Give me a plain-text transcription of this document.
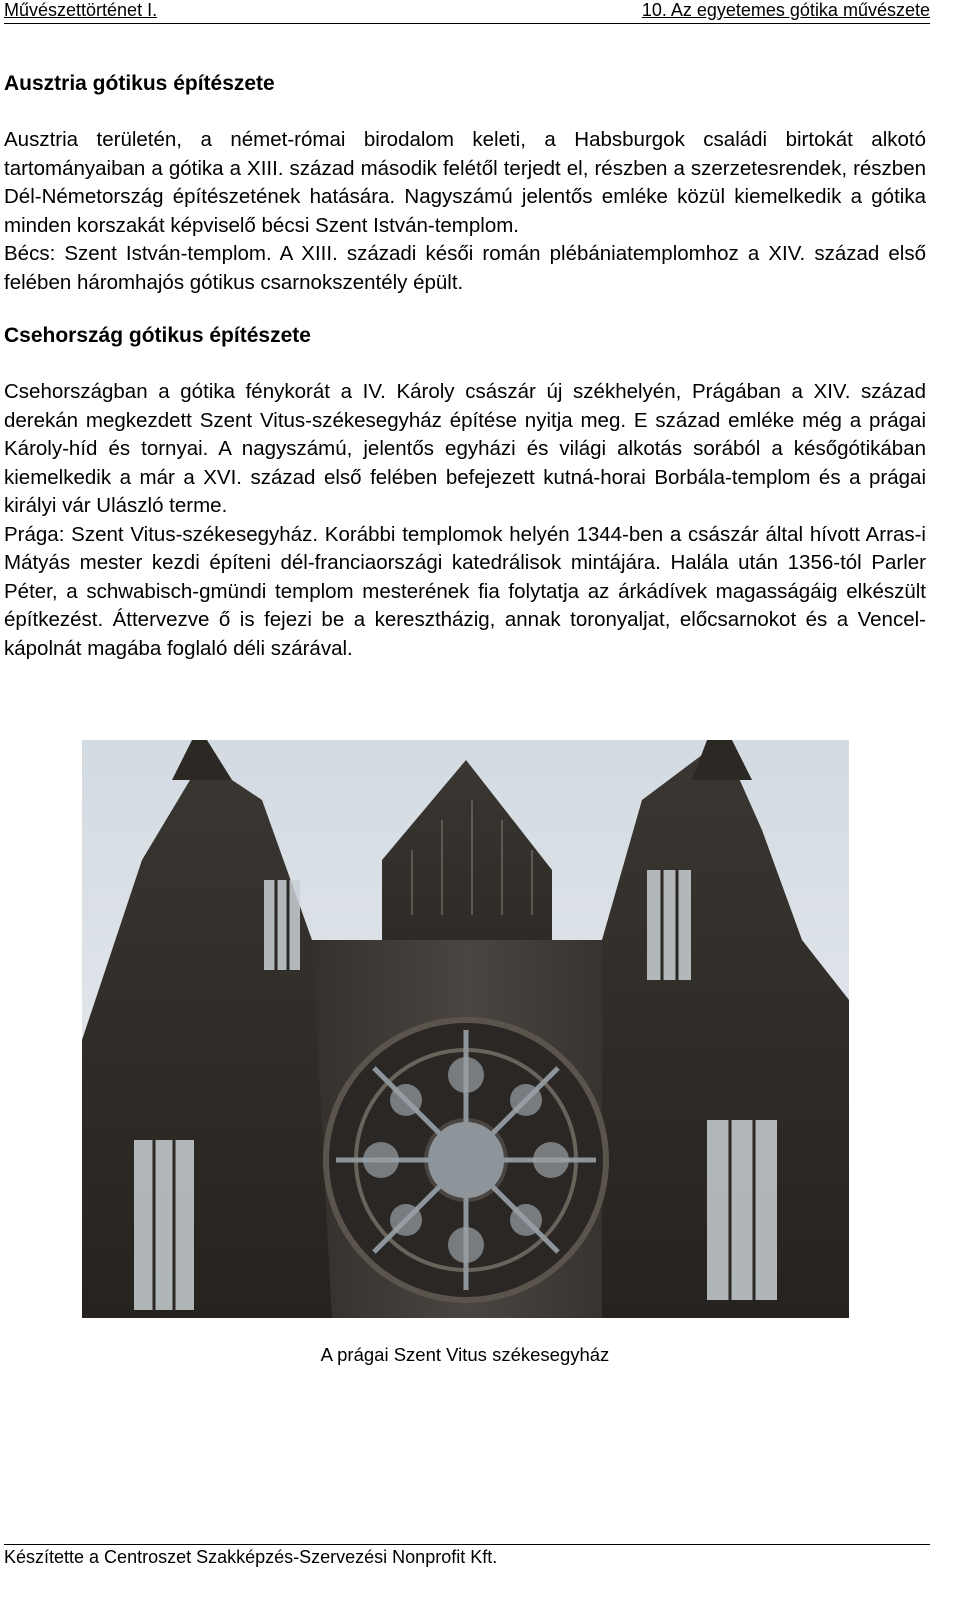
Művészettörténet I.	10. Az egyetemes gótika művészete
Ausztria gótikus építészete

Ausztria területén, a német-római birodalom keleti, a Habsburgok családi birtokát alkotó tartományaiban a gótika a XIII. század második felétől terjedt el, részben a szerzetesrendek, részben Dél-Németország építészetének hatására. Nagyszámú jelentős emléke közül kiemelkedik a gótika minden korszakát képviselő bécsi Szent István-templom.

Bécs: Szent István-templom. A XIII. századi késői román plébániatemplomhoz a XIV. század első felében háromhajós gótikus csarnokszentély épült.

Csehország gótikus építészete

Csehországban a gótika fénykorát a IV. Károly császár új székhelyén, Prágában a XIV. század derekán megkezdett Szent Vitus-székesegyház építése nyitja meg. E század emléke még a prágai Károly-híd és tornyai. A nagyszámú, jelentős egyházi és világi alkotás sorából a későgótikában kiemelkedik a már a XVI. század első felében befejezett kutná-horai Borbála-templom és a prágai királyi vár Ulászló terme.

Prága: Szent Vitus-székesegyház. Korábbi templomok helyén 1344-ben a császár által hívott Arras-i Mátyás mester kezdi építeni dél-franciaországi katedrálisok mintájára. Halála után 1356-tól Parler Péter, a schwabisch-gmündi templom mesterének fia folytatja az árkádívek magasságáig elkészült építkezést. Áttervezve ő is fejezi be a keresztházig, annak toronyaljat, előcsarnokot és a Vencel-kápolnát magába foglaló déli szárával.

A prágai Szent Vitus székesegyház
Készítette a Centroszet Szakképzés-Szervezési Nonprofit Kft.
